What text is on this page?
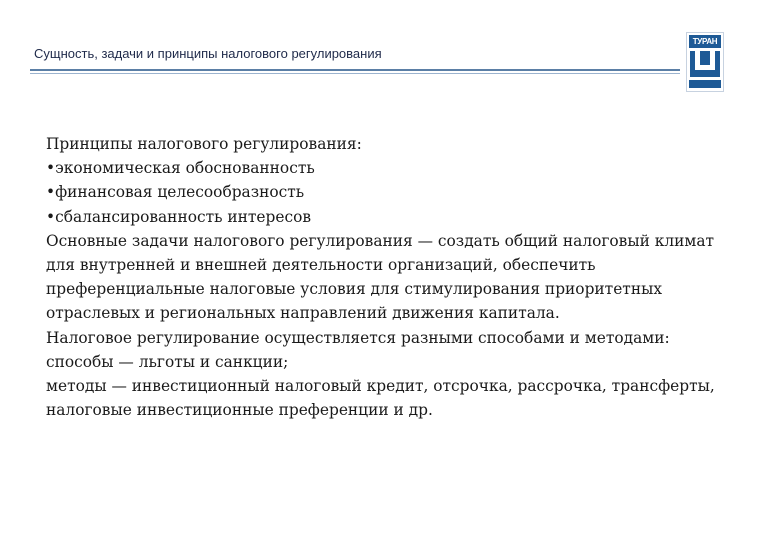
Сущность, задачи и принципы налогового регулирования
ТУРАН

Принципы налогового регулирования:

•экономическая обоснованность

•финансовая целесообразность

•сбалансированность интересов

Основные задачи налогового регулирования — создать общий налоговый климат для внутренней и внешней деятельности организаций, обеспечить преференциальные налоговые условия для стимулирования приоритетных отраслевых и региональных направлений движения капитала.

Налоговое регулирование осуществляется разными способами и методами:

способы — льготы и санкции;

методы — инвестиционный налоговый кредит, отсрочка, рассрочка, трансферты, налоговые инвестиционные преференции и др.
